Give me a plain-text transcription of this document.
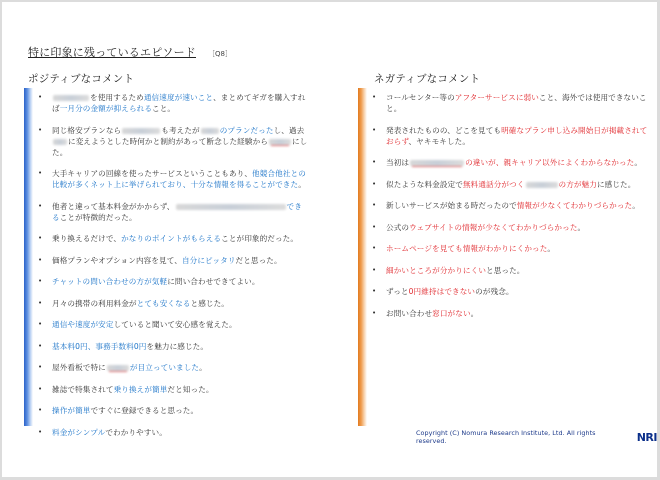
特に印象に残っているエピソード ［Q8］
ポジティブなコメント	ネガティブなコメント
•	を使用するため通信速度が速いこと、まとめてギガを購入すれば一月分の金額が抑えられること。
• 同じ格安プランなら	も考えたが	のプランだったし、過去に変えようとした時何かと制約があって断念した経験から	にした。
• 大手キャリアの回線を使ったサービスということもあり、他競合他社との比較が多くネット上に挙げられており、十分な情報を得ることができた。
• 他者と違って基本料金がかからず、	できることが特徴的だった。
• 乗り換えるだけで、かなりのポイントがもらえることが印象的だった。
• 価格プランやオプション内容を見て、自分にピッタリだと思った。
• チャットの問い合わせの方が気軽に問い合わせできてよい。
• 月々の携帯の利用料金がとても安くなると感じた。
• 通信や速度が安定していると聞いて安心感を覚えた。
• 基本料0円、事務手数料0円を魅力に感じた。
• 屋外看板で特に	が目立っていました。
• 雑誌で特集されて乗り換えが簡単だと知った。
• 操作が簡単ですぐに登録できると思った。
• 料金がシンプルでわかりやすい。
• コールセンター等のアフターサービスに弱いこと、海外では使用できないこと。
• 発表されたものの、どこを見ても明確なプラン申し込み開始日が掲載されておらず、ヤキモキした。
• 当初は	の違いが、親キャリア以外によくわからなかった。
• 似たような料金設定で無料通話分がつく	の方が魅力に感じた。
• 新しいサービスが始まる時だったので情報が少なくてわかりづらかった。
• 公式のウェブサイトの情報が少なくてわかりづらかった。
• ホームページを見ても情報がわかりにくかった。
• 細かいところが分かりにくいと思った。
• ずっと0円維持はできないのが残念。
• お問い合わせ窓口がない。
Copyright (C) Nomura Research Institute, Ltd. All rights reserved.	NRI
